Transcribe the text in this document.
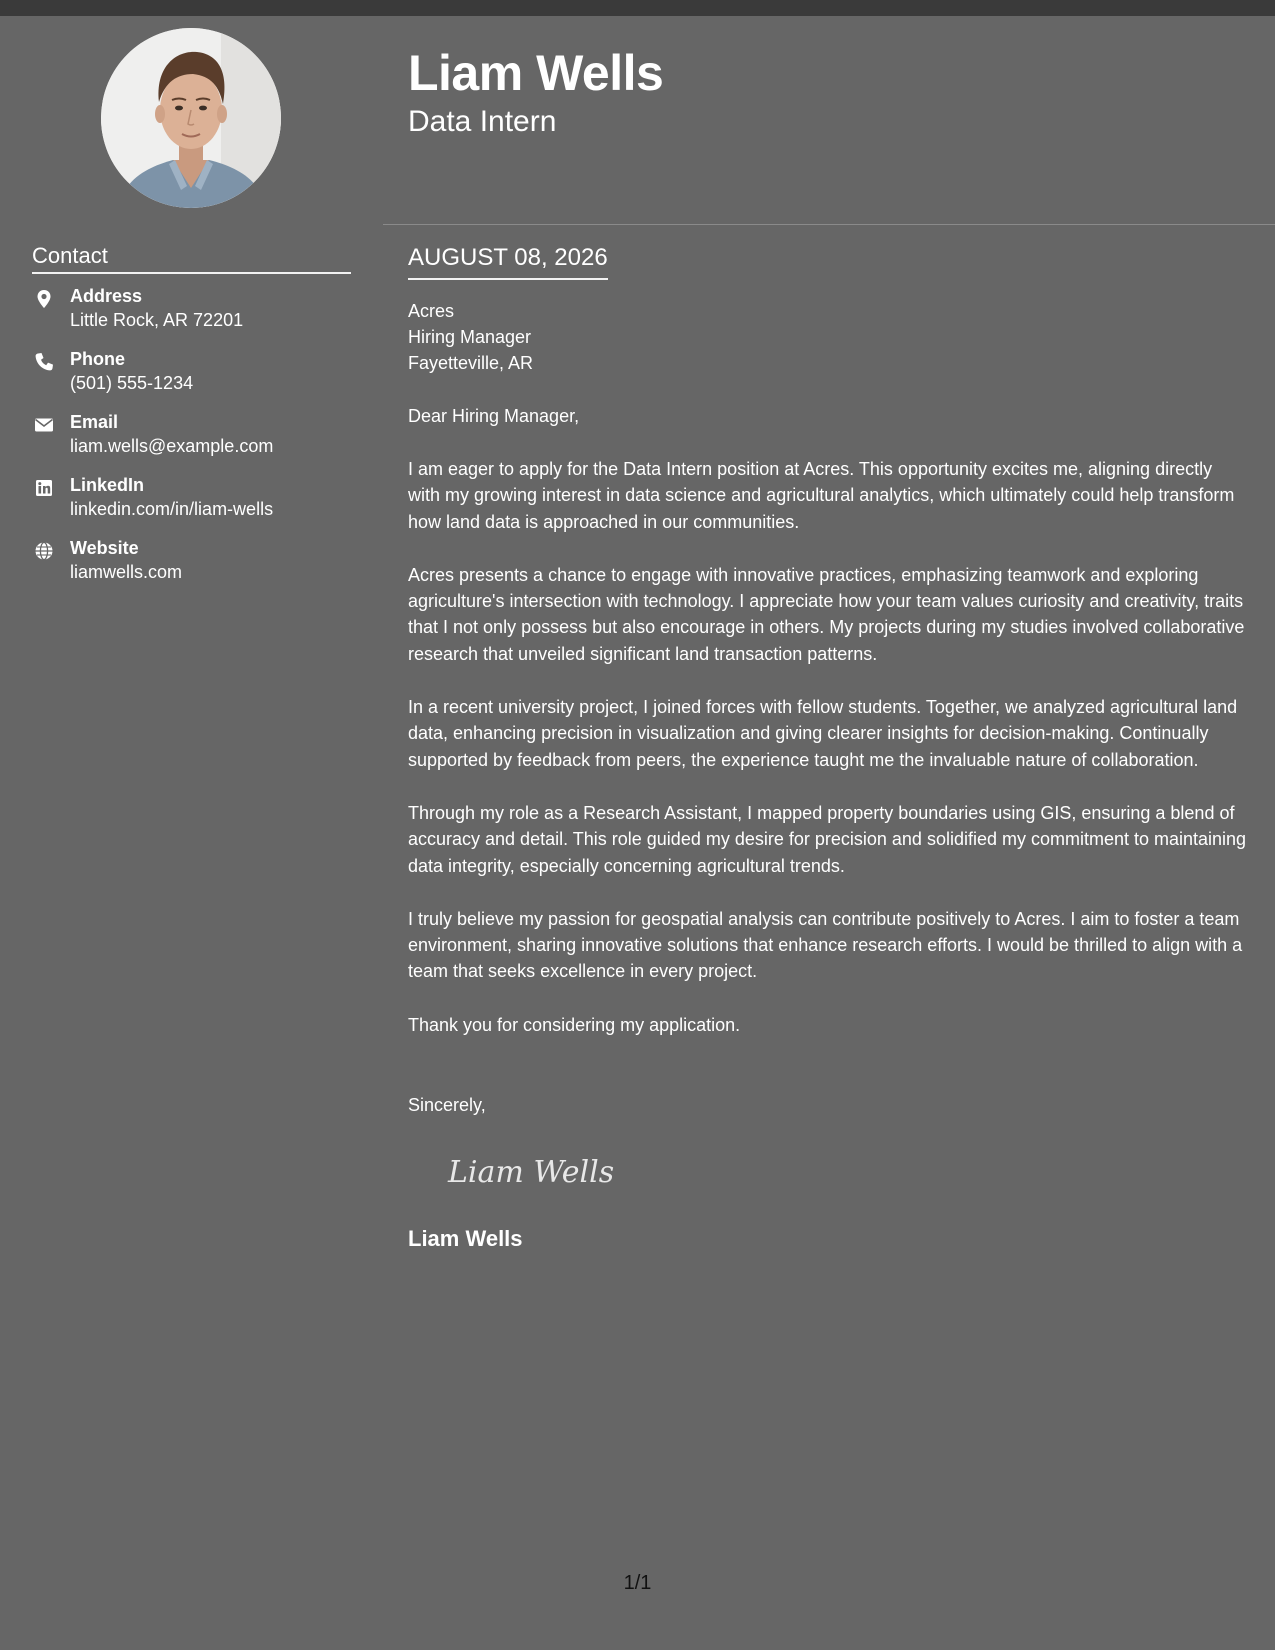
Contact
Address
Little Rock, AR 72201
Phone
(501) 555-1234
Email
liam.wells@example.com
LinkedIn
linkedin.com/in/liam-wells
Website
liamwells.com
Liam Wells
Data Intern
AUGUST 08, 2026
Acres
Hiring Manager
Fayetteville, AR
Dear Hiring Manager,

I am eager to apply for the Data Intern position at Acres. This opportunity excites me, aligning directly with my growing interest in data science and agricultural analytics, which ultimately could help transform how land data is approached in our communities.

Acres presents a chance to engage with innovative practices, emphasizing teamwork and exploring agriculture's intersection with technology. I appreciate how your team values curiosity and creativity, traits that I not only possess but also encourage in others. My projects during my studies involved collaborative research that unveiled significant land transaction patterns.

In a recent university project, I joined forces with fellow students. Together, we analyzed agricultural land data, enhancing precision in visualization and giving clearer insights for decision-making. Continually supported by feedback from peers, the experience taught me the invaluable nature of collaboration.

Through my role as a Research Assistant, I mapped property boundaries using GIS, ensuring a blend of accuracy and detail. This role guided my desire for precision and solidified my commitment to maintaining data integrity, especially concerning agricultural trends.

I truly believe my passion for geospatial analysis can contribute positively to Acres. I aim to foster a team environment, sharing innovative solutions that enhance research efforts. I would be thrilled to align with a team that seeks excellence in every project.

Thank you for considering my application.

Sincerely,
Liam Wells
Liam Wells
1/1
